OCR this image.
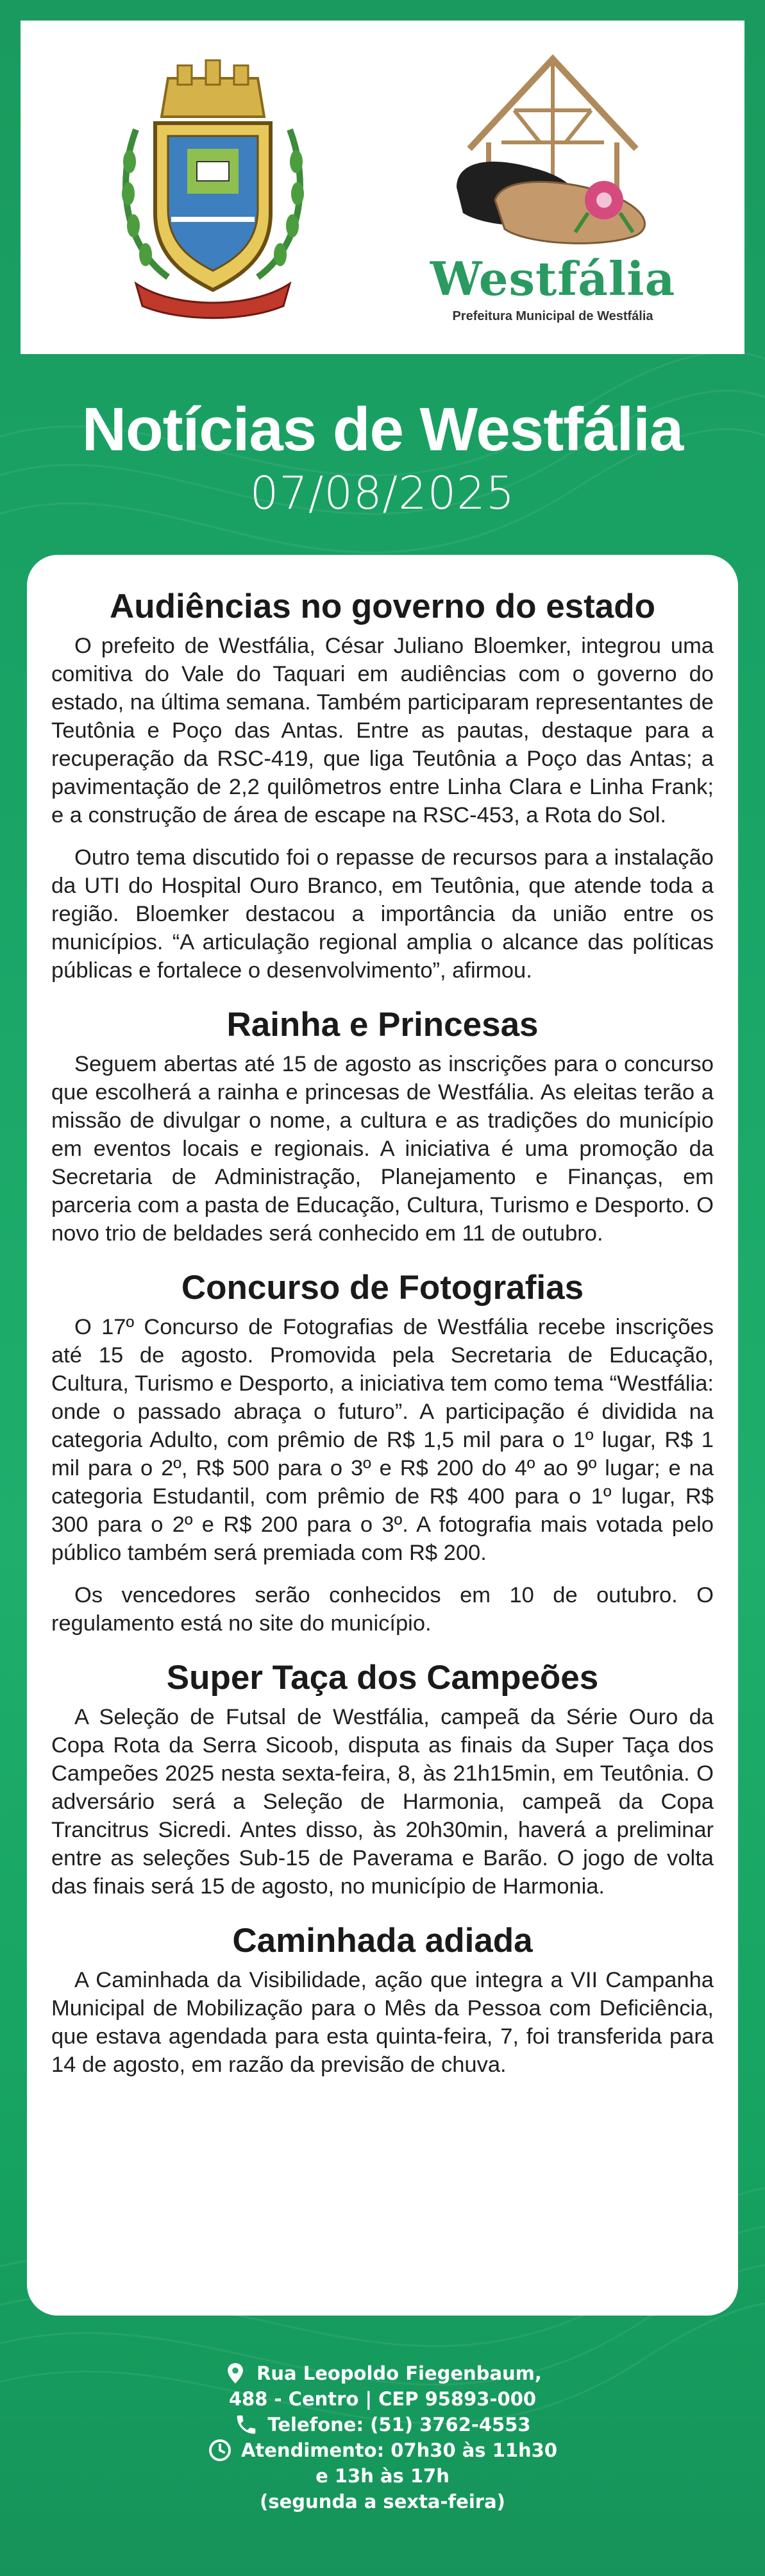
Westfália
Prefeitura Municipal de Westfália
Notícias de Westfália
07/08/2025
Audiências no governo do estado

O prefeito de Westfália, César Juliano Bloemker, integrou uma comitiva do Vale do Taquari em audiências com o governo do estado, na última semana. Também participaram representantes de Teutônia e Poço das Antas. Entre as pautas, destaque para a recuperação da RSC-419, que liga Teutônia a Poço das Antas; a pavimentação de 2,2 quilômetros entre Linha Clara e Linha Frank; e a construção de área de escape na RSC-453, a Rota do Sol.

Outro tema discutido foi o repasse de recursos para a instalação da UTI do Hospital Ouro Branco, em Teutônia, que atende toda a região. Bloemker destacou a importância da união entre os municípios. “A articulação regional amplia o alcance das políticas públicas e fortalece o desenvolvimento”, afirmou.

Rainha e Princesas

Seguem abertas até 15 de agosto as inscrições para o concurso que escolherá a rainha e princesas de Westfália. As eleitas terão a missão de divulgar o nome, a cultura e as tradições do município em eventos locais e regionais. A iniciativa é uma promoção da Secretaria de Administração, Planejamento e Finanças, em parceria com a pasta de Educação, Cultura, Turismo e Desporto. O novo trio de beldades será conhecido em 11 de outubro.

Concurso de Fotografias

O 17º Concurso de Fotografias de Westfália recebe inscrições até 15 de agosto. Promovida pela Secretaria de Educação, Cultura, Turismo e Desporto, a iniciativa tem como tema “Westfália: onde o passado abraça o futuro”. A participação é dividida na categoria Adulto, com prêmio de R$ 1,5 mil para o 1º lugar, R$ 1 mil para o 2º, R$ 500 para o 3º e R$ 200 do 4º ao 9º lugar; e na categoria Estudantil, com prêmio de R$ 400 para o 1º lugar, R$ 300 para o 2º e R$ 200 para o 3º. A fotografia mais votada pelo público também será premiada com R$ 200.

Os vencedores serão conhecidos em 10 de outubro. O regulamento está no site do município.

Super Taça dos Campeões

A Seleção de Futsal de Westfália, campeã da Série Ouro da Copa Rota da Serra Sicoob, disputa as finais da Super Taça dos Campeões 2025 nesta sexta-feira, 8, às 21h15min, em Teutônia. O adversário será a Seleção de Harmonia, campeã da Copa Trancitrus Sicredi. Antes disso, às 20h30min, haverá a preliminar entre as seleções Sub-15 de Paverama e Barão. O jogo de volta das finais será 15 de agosto, no município de Harmonia.

Caminhada adiada

A Caminhada da Visibilidade, ação que integra a VII Campanha Municipal de Mobilização para o Mês da Pessoa com Deficiência, que estava agendada para esta quinta-feira, 7, foi transferida para 14 de agosto, em razão da previsão de chuva.

Rua Leopoldo Fiegenbaum,
488 - Centro | CEP 95893-000
Telefone: (51) 3762-4553
Atendimento: 07h30 às 11h30
e 13h às 17h
(segunda a sexta-feira)
